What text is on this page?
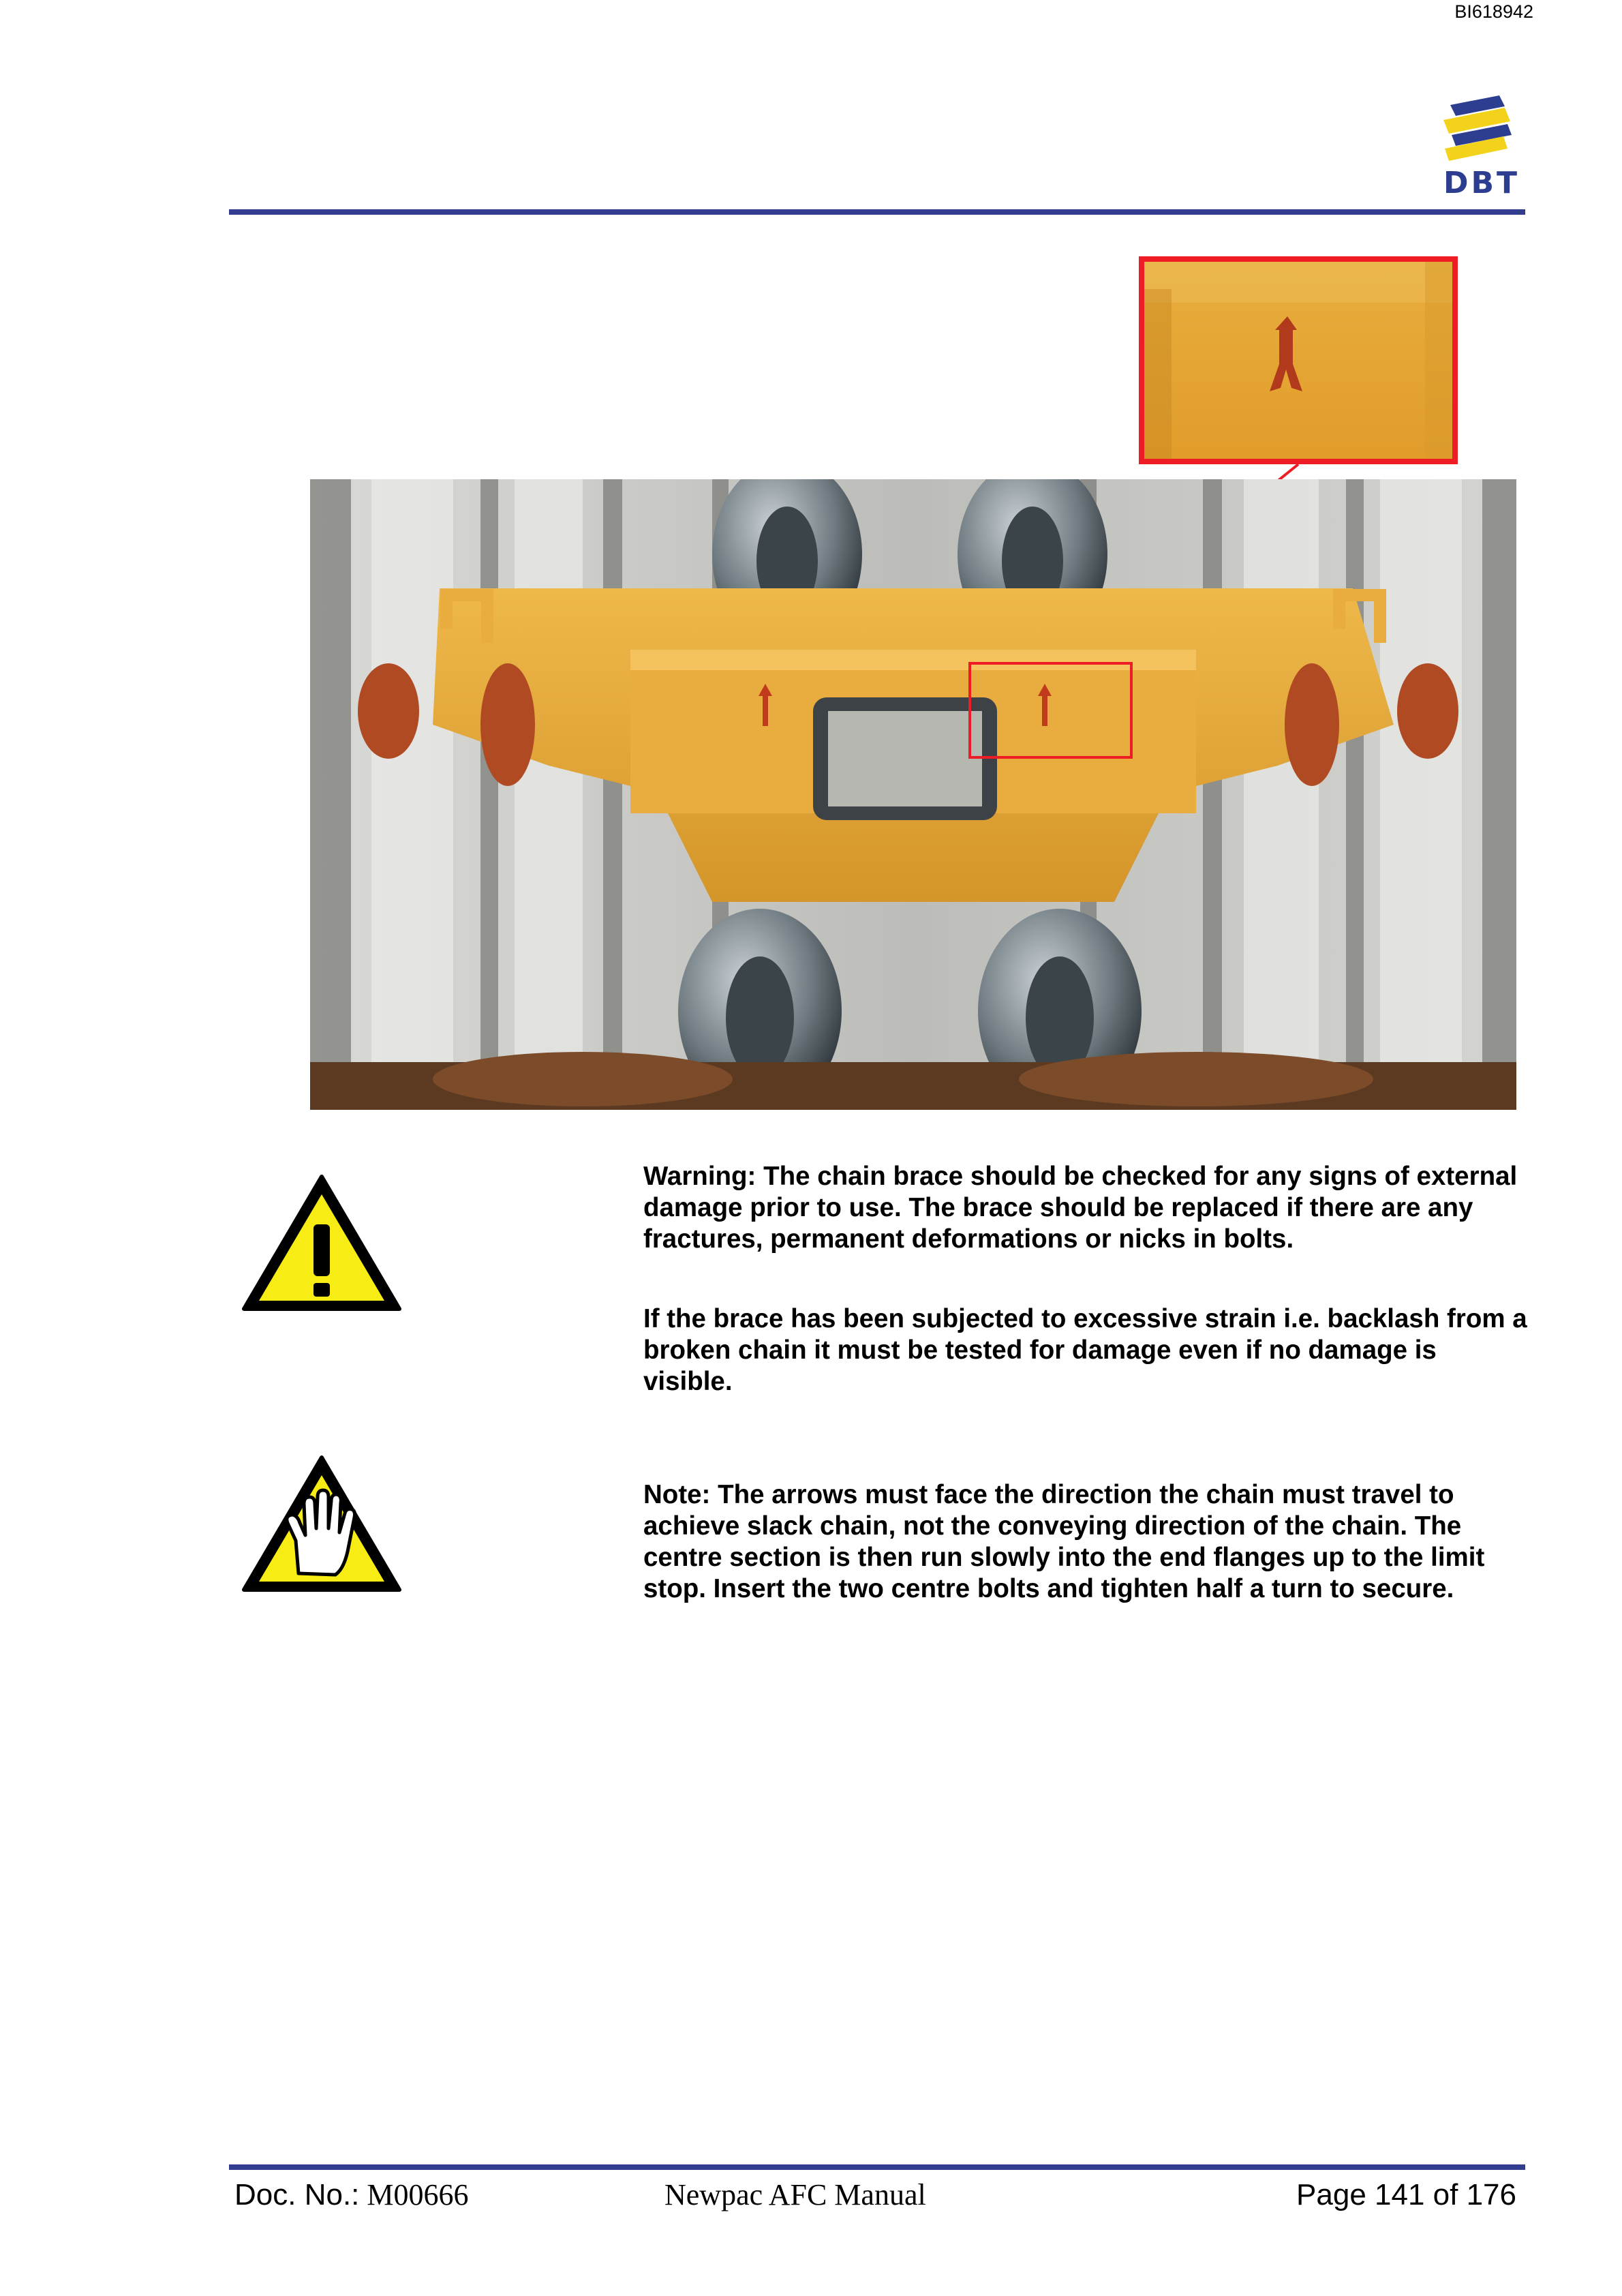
BI618942
DBT
Warning: The chain brace should be checked for any signs of external damage prior to use. The brace should be replaced if there are any fractures, permanent deformations or nicks in bolts.
If the brace has been subjected to excessive strain i.e. backlash from a broken chain it must be tested for damage even if no damage is visible.
Note: The arrows must face the direction the chain must travel to achieve slack chain, not the conveying direction of the chain. The centre section is then run slowly into the end flanges up to the limit stop. Insert the two centre bolts and tighten half a turn to secure.
Doc. No.: M00666	Newpac AFC Manual	Page 141 of 176
